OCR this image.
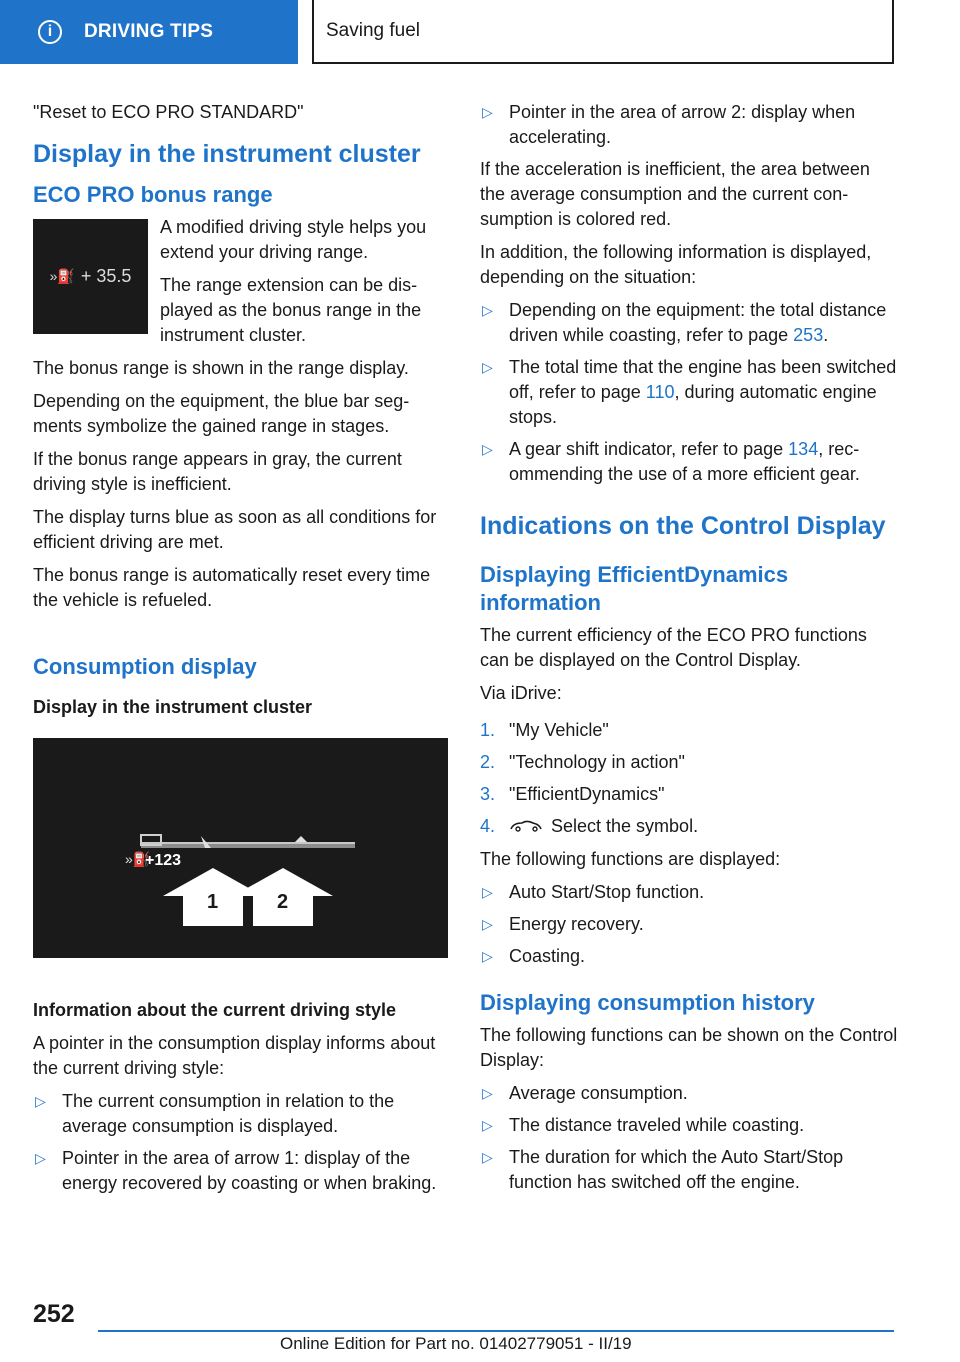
i	DRIVING TIPS	Saving fuel

"Reset to ECO PRO STANDARD"

Display in the instrument cluster
ECO PRO bonus range
»⛽ + 35.5

A modified driving style helps you extend your driving range.

The range extension can be displayed as the bonus range in the instrument cluster.

The bonus range is shown in the range display.

Depending on the equipment, the blue bar segments symbolize the gained range in stages.

If the bonus range appears in gray, the current driving style is inefficient.

The display turns blue as soon as all conditions for efficient driving are met.

The bonus range is automatically reset every time the vehicle is refueled.

Consumption display
Display in the instrument cluster
»⛽
+123
1	2
Information about the current driving style

A pointer in the consumption display informs about the current driving style:

▷ The current consumption in relation to the average consumption is displayed.
▷ Pointer in the area of arrow 1: display of the energy recovered by coasting or when braking.
▷ Pointer in the area of arrow 2: display when accelerating.

If the acceleration is inefficient, the area between the average consumption and the current consumption is colored red.

In addition, the following information is displayed, depending on the situation:

▷ Depending on the equipment: the total distance driven while coasting, refer to page 253.
▷ The total time that the engine has been switched off, refer to page 110, during automatic engine stops.
▷ A gear shift indicator, refer to page 134, recommending the use of a more efficient gear.
Indications on the Control Display
Displaying EfficientDynamics information

The current efficiency of the ECO PRO functions can be displayed on the Control Display.

Via iDrive:

1. "My Vehicle"
2. "Technology in action"
3. "EfficientDynamics"
4.	Select the symbol.

The following functions are displayed:

▷ Auto Start/Stop function.
▷ Energy recovery.
▷ Coasting.
Displaying consumption history

The following functions can be shown on the Control Display:

▷ Average consumption.
▷ The distance traveled while coasting.
▷ The duration for which the Auto Start/Stop function has switched off the engine.
252
Online Edition for Part no. 01402779051 - II/19
